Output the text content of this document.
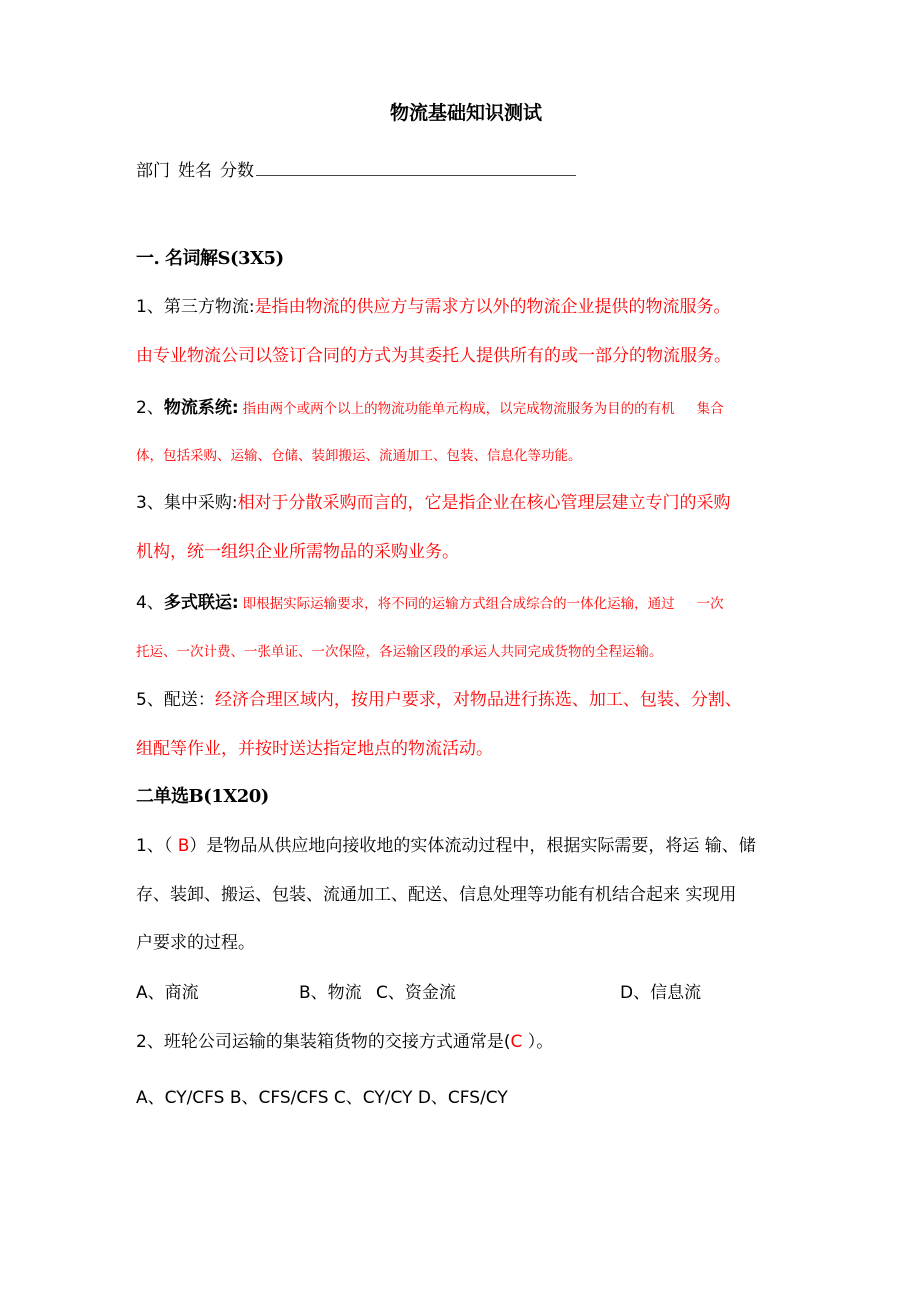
物流基础知识测试
部门 姓名 分数
一. 名词解S(3X5)
1、第三方物流:是指由物流的供应方与需求方以外的物流企业提供的物流服务。
由专业物流公司以签订合同的方式为其委托人提供所有的或一部分的物流服务。
2、物流系统: 指由两个或两个以上的物流功能单元构成，以完成物流服务为目的的有机 集合
体，包括采购、运输、仓储、装卸搬运、流通加工、包装、信息化等功能。
3、集中采购:相对于分散采购而言的，它是指企业在核心管理层建立专门的采购
机构，统一组织企业所需物品的采购业务。
4、多式联运: 即根据实际运输要求，将不同的运输方式组合成综合的一体化运输，通过 一次
托运、一次计费、一张单证、一次保险，各运输区段的承运人共同完成货物的全程运输。
5、配送：经济合理区域内，按用户要求，对物品进行拣选、加工、包装、分割、
组配等作业，并按时送达指定地点的物流活动。
二单选B(1X20)
1、（ B）是物品从供应地向接收地的实体流动过程中，根据实际需要，将运 输、储
存、装卸、搬运、包装、流通加工、配送、信息处理等功能有机结合起来 实现用
户要求的过程。
A、商流	B、物流 C、资金流	D、信息流
2、班轮公司运输的集装箱货物的交接方式通常是(C ）。
A、CY/CFS B、CFS/CFS C、CY/CY D、CFS/CY
